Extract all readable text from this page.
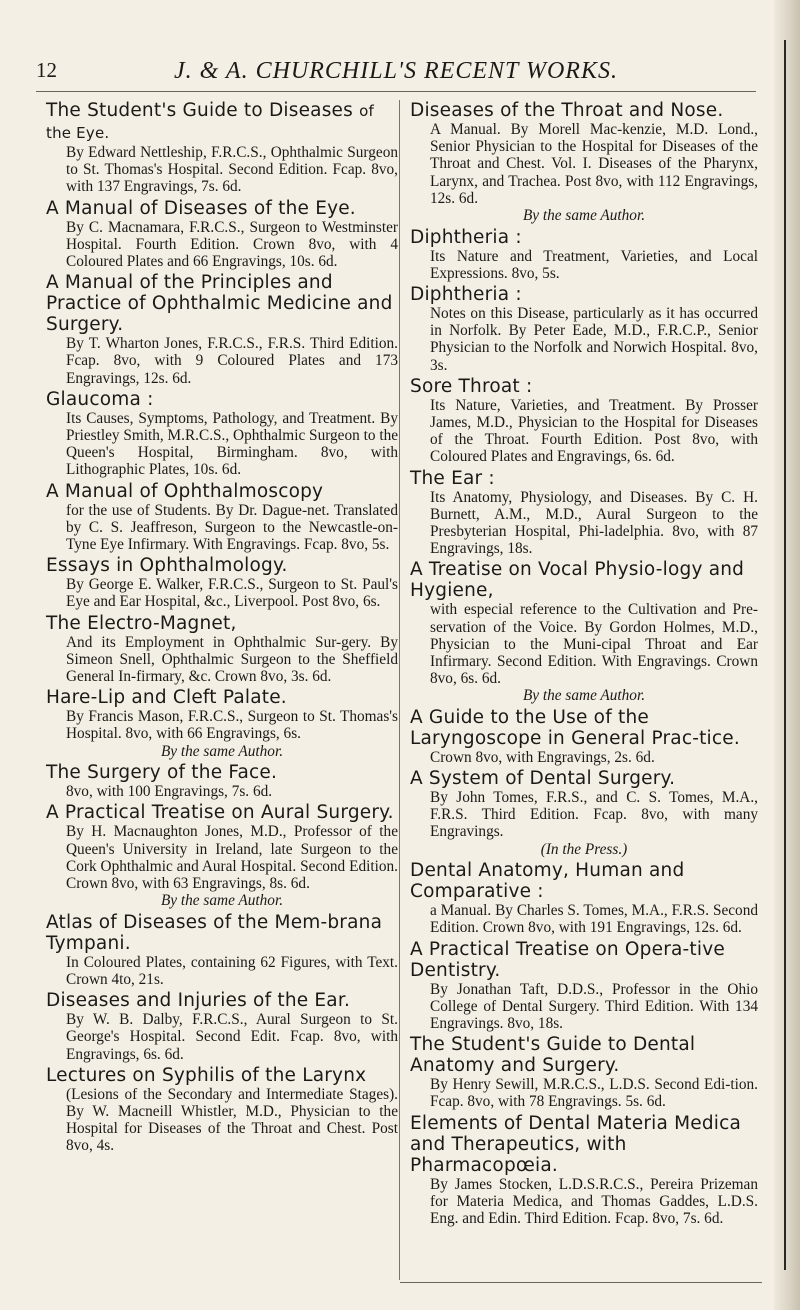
12	J. & A. CHURCHILL'S RECENT WORKS.

The Student's Guide to Diseases of the Eye.

By Edward Nettleship, F.R.C.S., Ophthalmic Surgeon to St. Thomas's Hospital. Second Edition. Fcap. 8vo, with 137 Engravings, 7s. 6d.

A Manual of Diseases of the Eye.

By C. Macnamara, F.R.C.S., Surgeon to Westminster Hospital. Fourth Edition. Crown 8vo, with 4 Coloured Plates and 66 Engravings, 10s. 6d.

A Manual of the Principles and Practice of Ophthalmic Medicine and Surgery.

By T. Wharton Jones, F.R.C.S., F.R.S. Third Edition. Fcap. 8vo, with 9 Coloured Plates and 173 Engravings, 12s. 6d.

Glaucoma :

Its Causes, Symptoms, Pathology, and Treatment. By Priestley Smith, M.R.C.S., Ophthalmic Surgeon to the Queen's Hospital, Birmingham. 8vo, with Lithographic Plates, 10s. 6d.

A Manual of Ophthalmoscopy

for the use of Students. By Dr. Dague-net. Translated by C. S. Jeaffreson, Surgeon to the Newcastle-on-Tyne Eye Infirmary. With Engravings. Fcap. 8vo, 5s.

Essays in Ophthalmology.

By George E. Walker, F.R.C.S., Surgeon to St. Paul's Eye and Ear Hospital, &c., Liverpool. Post 8vo, 6s.

The Electro-Magnet,

And its Employment in Ophthalmic Sur-gery. By Simeon Snell, Ophthalmic Surgeon to the Sheffield General In-firmary, &c. Crown 8vo, 3s. 6d.

Hare-Lip and Cleft Palate.

By Francis Mason, F.R.C.S., Surgeon to St. Thomas's Hospital. 8vo, with 66 Engravings, 6s.

By the same Author.

The Surgery of the Face.

8vo, with 100 Engravings, 7s. 6d.

A Practical Treatise on Aural Surgery.

By H. Macnaughton Jones, M.D., Professor of the Queen's University in Ireland, late Surgeon to the Cork Ophthalmic and Aural Hospital. Second Edition. Crown 8vo, with 63 Engravings, 8s. 6d.

By the same Author.

Atlas of Diseases of the Mem-brana Tympani.

In Coloured Plates, containing 62 Figures, with Text. Crown 4to, 21s.

Diseases and Injuries of the Ear.

By W. B. Dalby, F.R.C.S., Aural Surgeon to St. George's Hospital. Second Edit. Fcap. 8vo, with Engravings, 6s. 6d.

Lectures on Syphilis of the Larynx

(Lesions of the Secondary and Intermediate Stages). By W. Macneill Whistler, M.D., Physician to the Hospital for Diseases of the Throat and Chest. Post 8vo, 4s.

Diseases of the Throat and Nose.

A Manual. By Morell Mac-kenzie, M.D. Lond., Senior Physician to the Hospital for Diseases of the Throat and Chest. Vol. I. Diseases of the Pharynx, Larynx, and Trachea. Post 8vo, with 112 Engravings, 12s. 6d.

By the same Author.

Diphtheria :

Its Nature and Treatment, Varieties, and Local Expressions. 8vo, 5s.

Diphtheria :

Notes on this Disease, particularly as it has occurred in Norfolk. By Peter Eade, M.D., F.R.C.P., Senior Physician to the Norfolk and Norwich Hospital. 8vo, 3s.

Sore Throat :

Its Nature, Varieties, and Treatment. By Prosser James, M.D., Physician to the Hospital for Diseases of the Throat. Fourth Edition. Post 8vo, with Coloured Plates and Engravings, 6s. 6d.

The Ear :

Its Anatomy, Physiology, and Diseases. By C. H. Burnett, A.M., M.D., Aural Surgeon to the Presbyterian Hospital, Phi-ladelphia. 8vo, with 87 Engravings, 18s.

A Treatise on Vocal Physio-logy and Hygiene,

with especial reference to the Cultivation and Pre-servation of the Voice. By Gordon Holmes, M.D., Physician to the Muni-cipal Throat and Ear Infirmary. Second Edition. With Engravings. Crown 8vo, 6s. 6d.

By the same Author.

A Guide to the Use of the Laryngoscope in General Prac-tice.

Crown 8vo, with Engravings, 2s. 6d.

A System of Dental Surgery.

By John Tomes, F.R.S., and C. S. Tomes, M.A., F.R.S. Third Edition. Fcap. 8vo, with many Engravings.

(In the Press.)

Dental Anatomy, Human and Comparative :

a Manual. By Charles S. Tomes, M.A., F.R.S. Second Edition. Crown 8vo, with 191 Engravings, 12s. 6d.

A Practical Treatise on Opera-tive Dentistry.

By Jonathan Taft, D.D.S., Professor in the Ohio College of Dental Surgery. Third Edition. With 134 Engravings. 8vo, 18s.

The Student's Guide to Dental Anatomy and Surgery.

By Henry Sewill, M.R.C.S., L.D.S. Second Edi-tion. Fcap. 8vo, with 78 Engravings. 5s. 6d.

Elements of Dental Materia Medica and Therapeutics, with Pharmacopœia.

By James Stocken, L.D.S.R.C.S., Pereira Prizeman for Materia Medica, and Thomas Gaddes, L.D.S. Eng. and Edin. Third Edition. Fcap. 8vo, 7s. 6d.
